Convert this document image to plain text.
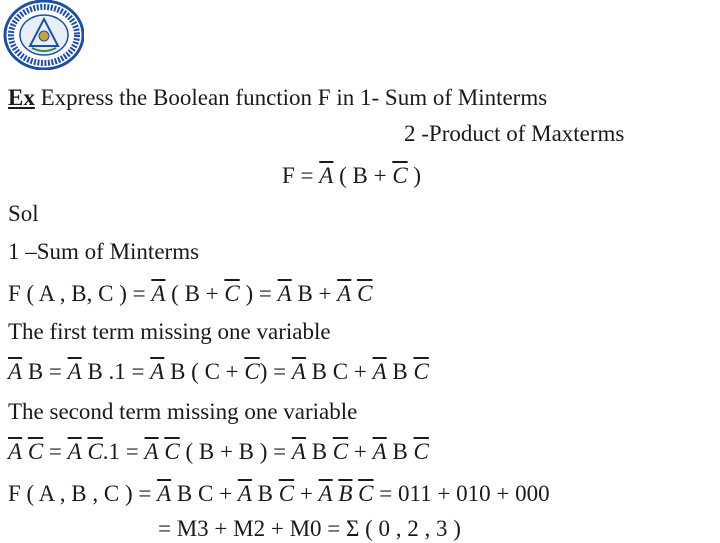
Ex Express the Boolean function F in 1- Sum of Minterms
2 -Product of Maxterms
$F = \overline{A}$ ( $B + \overline{C}$ )
Sol
1 –Sum of Minterms
F ( A , B, C ) = $\overline{A}$ ( $B + \overline{C}$ ) = $\overline{A}$ $B + \overline{A}$ $\overline{C}$
The first term missing one variable
$\overline{A}$ $B = \overline{A}$ B $.1 = \overline{A}$ B ( $C + \overline{C}) = \overline{A}$ B $C + \overline{A}$ B $\overline{C}$
The second term missing one variable
$\overline{A}$ $\overline{C} = \overline{A}$ $\overline{C}.1 = \overline{A}$ $\overline{C}$ ( B + B ) = $\overline{A}$ B $\overline{C} + \overline{A}$ B $\overline{C}$
F ( A , B , C ) = $\overline{A}$ B $C + \overline{A}$ B $\overline{C} + \overline{A}$ $\overline{B}$ $\overline{C} = 011 + 010 + 000$
= M3 + M2 + M0 = Σ ( 0 , 2 , 3 )
